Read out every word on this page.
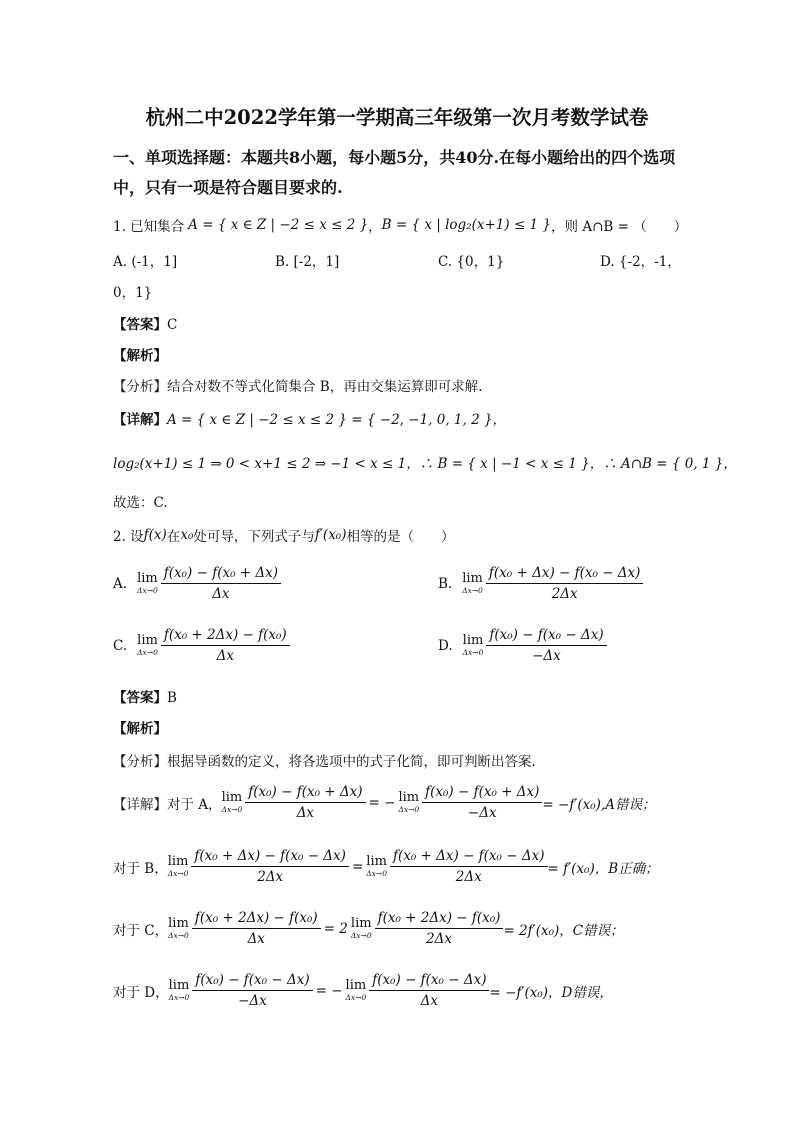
杭州二中2022学年第一学期高三年级第一次月考数学试卷
一、单项选择题：本题共8小题，每小题5分，共40分.在每小题给出的四个选项
中，只有一项是符合题目要求的.
1. 已知集合 A = { x ∈ Z | −2 ≤ x ≤ 2 } ， B = { x | log₂(x+1) ≤ 1 } ，则 A∩B = （　　）
A. (-1，1]	B. [-2，1]	C. {0，1}	D. {-2，-1，
0，1}
【答案】C
【解析】
【分析】结合对数不等式化简集合 B，再由交集运算即可求解.
【详解】 A = { x ∈ Z | −2 ≤ x ≤ 2 } = { −2, −1, 0, 1, 2 }，
log₂(x+1) ≤ 1 ⇒ 0 < x+1 ≤ 2 ⇒ −1 < x ≤ 1，∴ B = { x | −1 < x ≤ 1 }，∴ A∩B = { 0, 1 }，
故选：C.
2. 设 f(x) 在 x₀ 处可导，下列式子与 f′(x₀) 相等的是（　　）
A. lim
$\Delta x\to 0 \frac{\text{f(x₀) − f(x₀ + Δx)}}{\Delta x}$	B. lim
$\Delta x\to 0 \frac{\text{f(x₀ + Δx) − f(x₀ − Δx)}}{2\Delta x}$
C. lim
$\Delta x\to 0 \frac{\text{f(x₀ + 2Δx) − f(x₀)}}{\Delta x}$	D. lim
$\Delta x\to 0 \frac{\text{f(x₀) − f(x₀ − Δx)}}{-\Delta x}$
【答案】B
【解析】
【分析】根据导函数的定义，将各选项中的式子化简，即可判断出答案.
【详解】对于 A， lim
$\Delta x\to 0 \frac{\text{f(x₀) − f(x₀ + Δx)}}{\Delta x}$ = − lim
$\Delta x\to 0 \frac{\text{f(x₀) − f(x₀ + Δx)}}{-\Delta x} = -f'(x_0),A$错误；
对于 B， lim
$\Delta x\to 0 \frac{\text{f(x₀ + Δx) − f(x₀ − Δx)}}{2\Delta x} = \lim$
$\Delta x\to 0 \frac{\text{f(x₀ + Δx) − f(x₀ − Δx)}}{2\Delta x} = f'(x_0)$，B正确；
对于 C， lim
$\Delta x\to 0 \frac{\text{f(x₀ + 2Δx) − f(x₀)}}{\Delta x} = 2$ lim
$\Delta x\to 0 \frac{\text{f(x₀ + 2Δx) − f(x₀)}}{2\Delta x} = 2f'(x_0)$，C错误；
对于 D， lim
$\Delta x\to 0 \frac{\text{f(x₀) − f(x₀ − Δx)}}{-\Delta x}$ = − lim
$\Delta x\to 0 \frac{\text{f(x₀) − f(x₀ − Δx)}}{\Delta x} = -f'(x_0)$，D错误，
